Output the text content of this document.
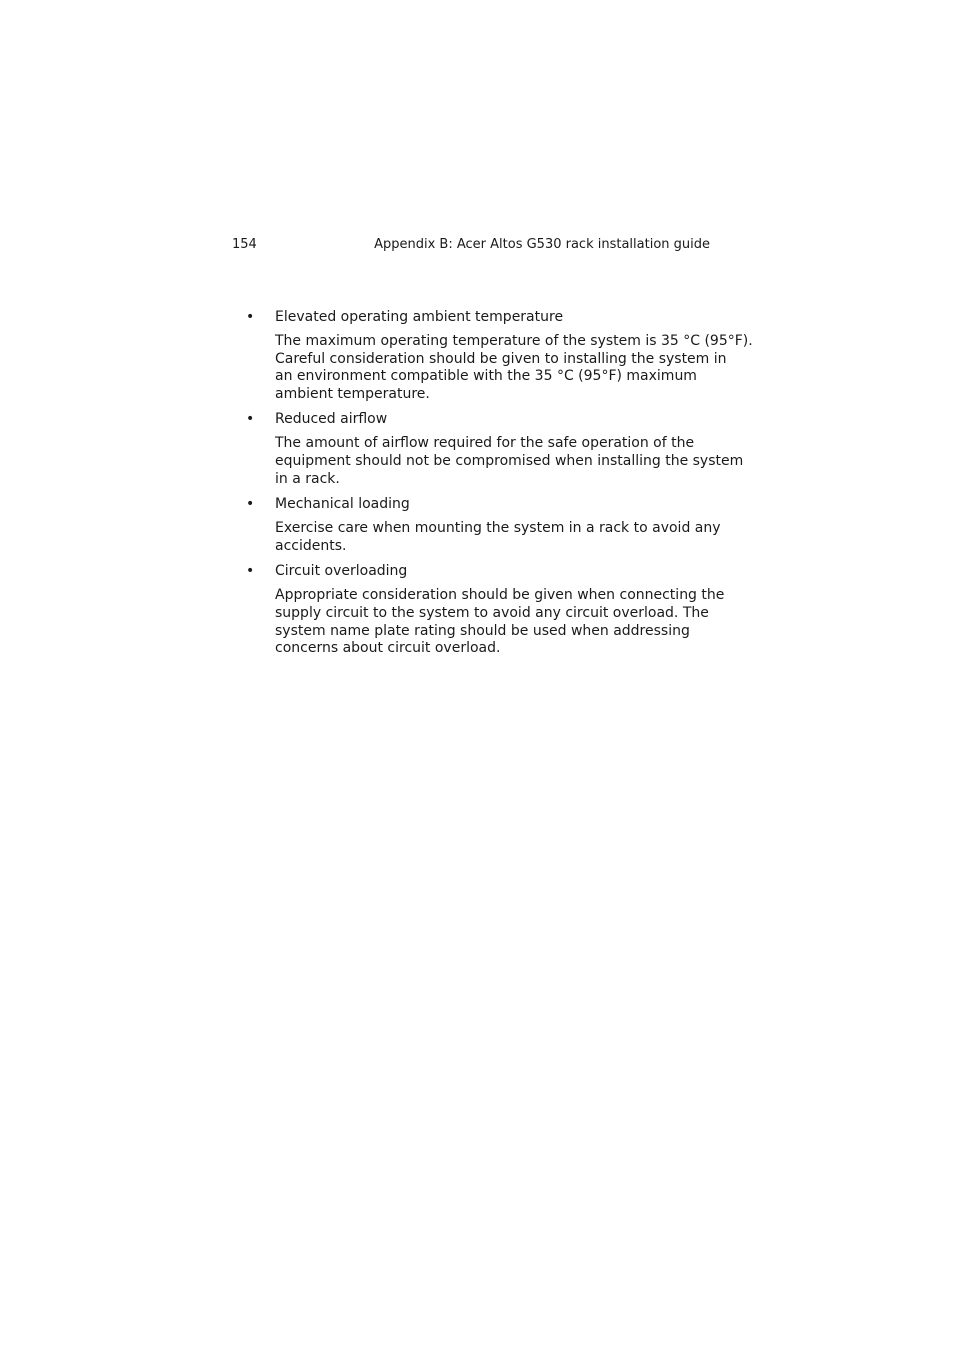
154	Appendix B: Acer Altos G530 rack installation guide
• Elevated operating ambient temperature

The maximum operating temperature of the system is 35 °C (95°F).
Careful consideration should be given to installing the system in
an environment compatible with the 35 °C (95°F) maximum
ambient temperature.

• Reduced airflow

The amount of airflow required for the safe operation of the
equipment should not be compromised when installing the system
in a rack.

• Mechanical loading

Exercise care when mounting the system in a rack to avoid any
accidents.

• Circuit overloading

Appropriate consideration should be given when connecting the
supply circuit to the system to avoid any circuit overload. The
system name plate rating should be used when addressing
concerns about circuit overload.
